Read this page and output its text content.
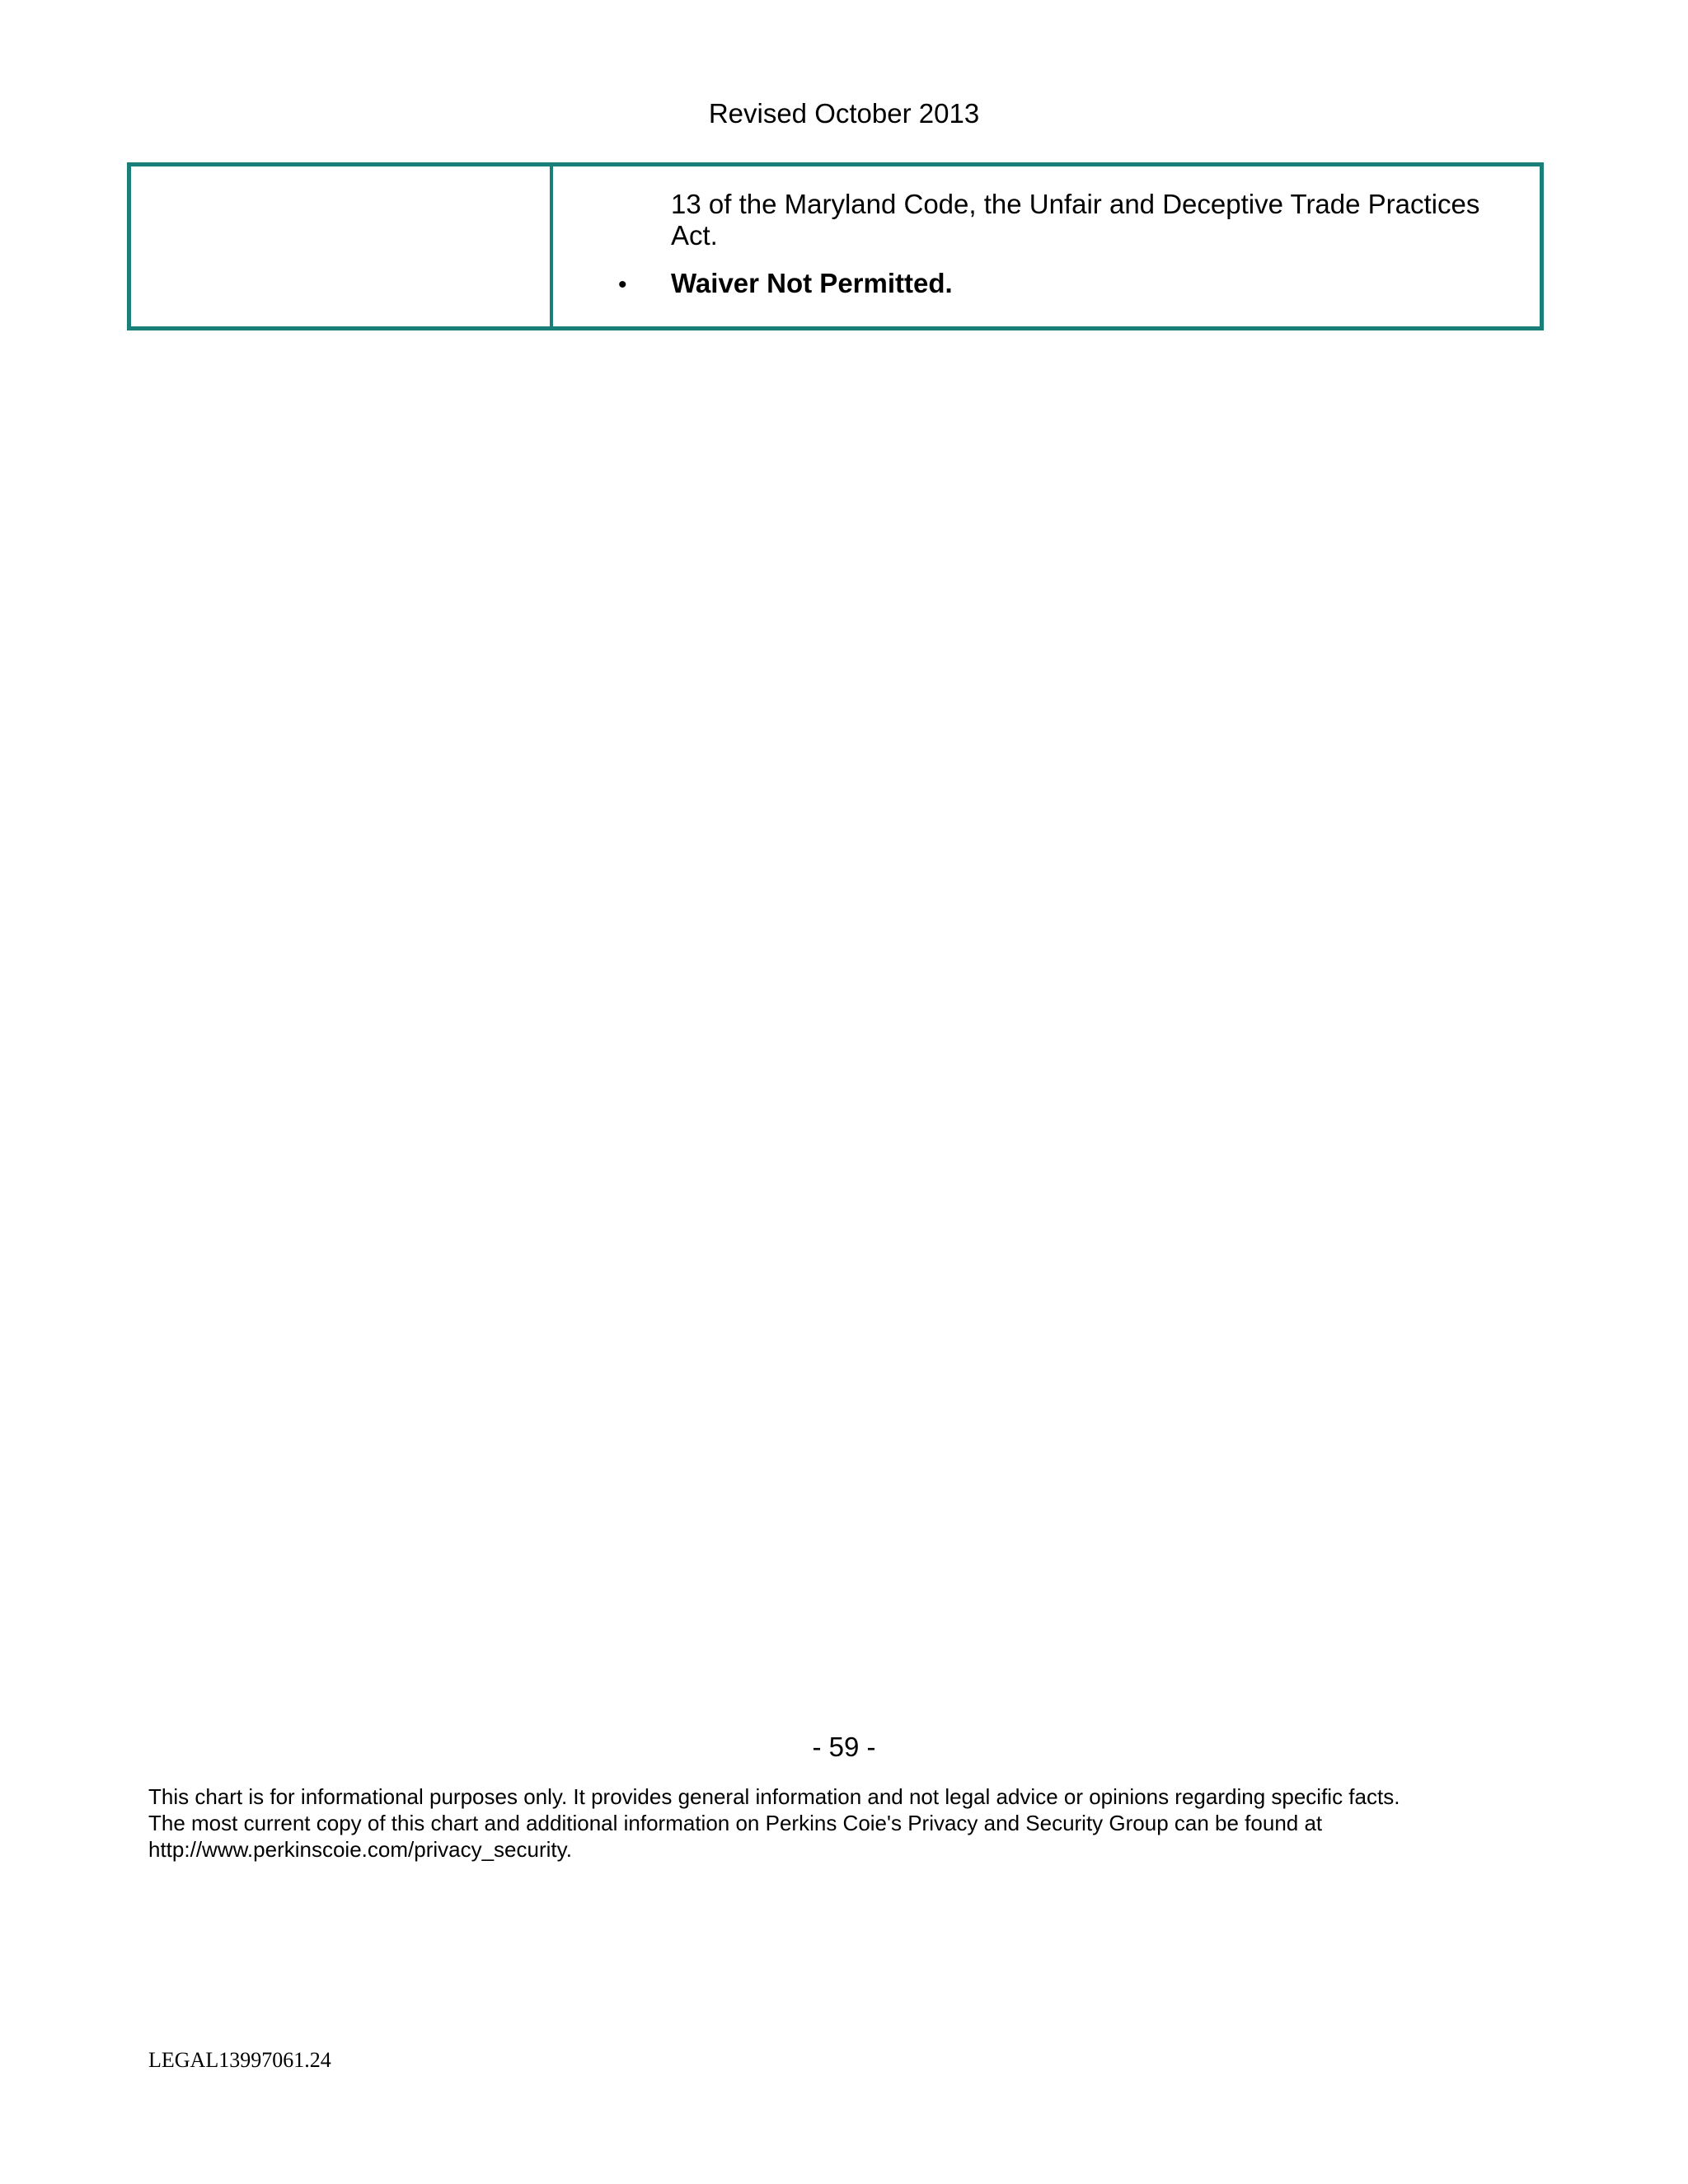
Revised October 2013
13 of the Maryland Code, the Unfair and Deceptive Trade Practices Act.
•	Waiver Not Permitted.
- 59 -
This chart is for informational purposes only. It provides general information and not legal advice or opinions regarding specific facts.
The most current copy of this chart and additional information on Perkins Coie's Privacy and Security Group can be found at
http://www.perkinscoie.com/privacy_security.
LEGAL13997061.24
